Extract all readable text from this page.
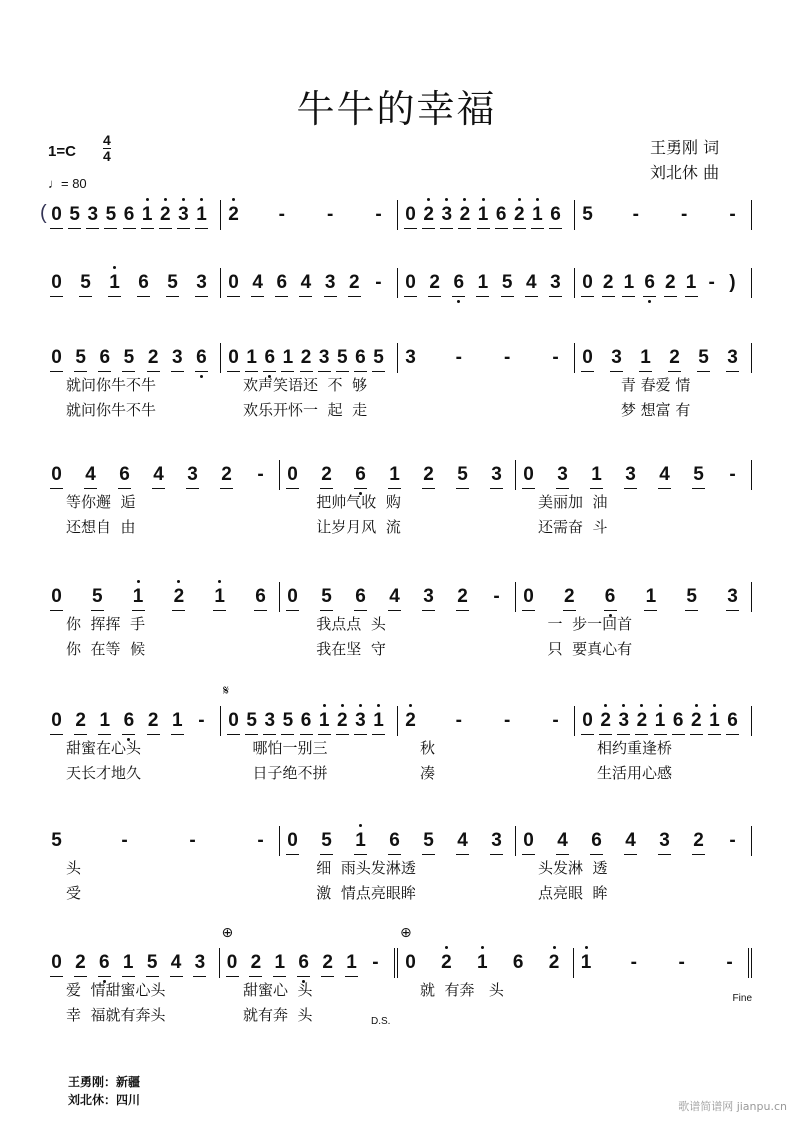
牛牛的幸福
1=C
4
4
♩= 80
王勇刚 词
刘北休 曲
( 0 5 3 5 6 1 2 3 1 2 - - - 0 2 3 2 1 6 2 1 6 5 - - -
0 5 1 6 5 3 0 4 6 4 3 2 - 0 2 6 1 5 4 3 0 2 1 6 2 1 - )
0 5 6 5 2 3 6 0 1 6 1 2 3 5 6 5 3 - - - 0 3 1 2 5 3
就问你牛不牛	欢声笑语还  不  够	青 春爱 情
就问你牛不牛	欢乐开怀一  起  走	梦 想富 有
0 4 6 4 3 2 - 0 2 6 1 2 5 3 0 3 1 3 4 5 -
等你邂  逅	把帅气收  购	美丽加  油
还想自  由	让岁月风  流	还需奋  斗
0 5 1 2 1 6 0 5 6 4 3 2 - 0 2 6 1 5 3
你  挥挥  手	我点点  头	一  步一回首
你  在等  候	我在坚  守	只  要真心有
0 2 1 6 2 1 -
𝄋
0 5 3 5 6 1 2 3 1 2 - - - 0 2 3 2 1 6 2 1 6
甜蜜在心头	哪怕一别三	秋	相约重逢桥
天长才地久	日子绝不拼	凑	生活用心感
5	-	-	- 0 5 1 6 5 4 3 0 4 6 4 3 2 -
头	细  雨头发淋透	头发淋  透
受	激  情点亮眼眸	点亮眼  眸
0 2 6 1 5 4 3
⊕
0 2 1 6 2 1 -
⊕
0 2 1 6 2 1 - - -
爱  情甜蜜心头	甜蜜心  头	就  有奔   头	Fine
幸  福就有奔头	就有奔  头	D.S.
王勇刚：新疆
刘北休：四川	歌谱简谱网 jianpu.cn
